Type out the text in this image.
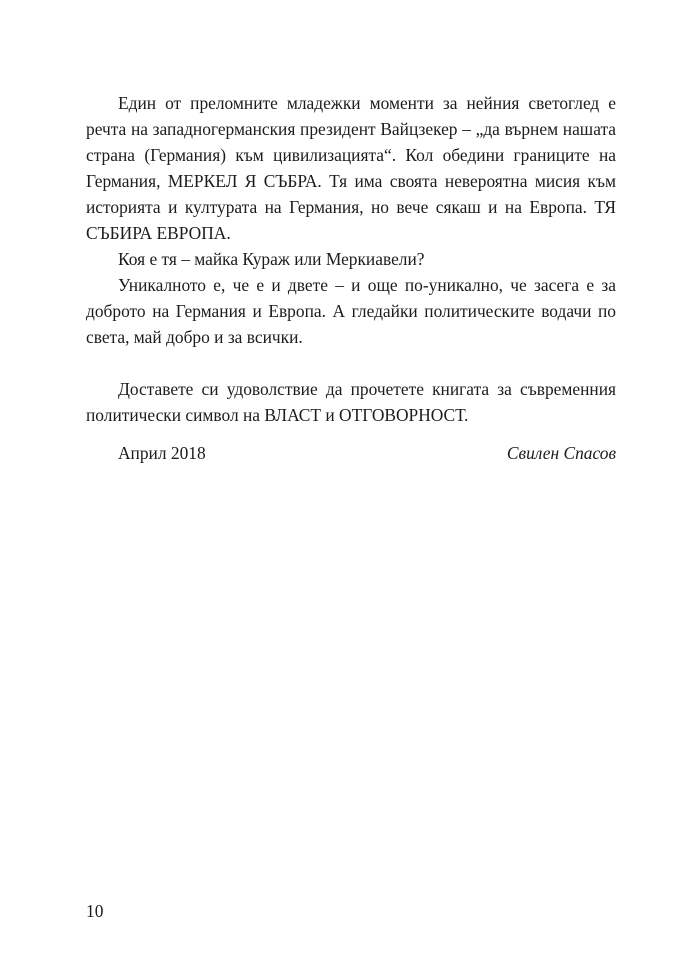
Един от преломните младежки моменти за нейния светоглед е речта на западногерманския президент Вайцзекер – „да върнем нашата страна (Германия) към цивилизацията“. Кол обедини границите на Германия, МЕРКЕЛ Я СЪБРА. Тя има своята невероятна мисия към историята и културата на Германия, но вече сякаш и на Европа. ТЯ СЪБИРА ЕВРОПА.

Коя е тя – майка Кураж или Меркиавели?

Уникалното е, че е и двете – и още по-уникално, че засега е за доброто на Германия и Европа. А гледайки политическите водачи по света, май добро и за всички.

Доставете си удоволствие да прочетете книгата за съвременния политически символ на ВЛАСТ и ОТГОВОРНОСТ.

Април 2018	Свилен Спасов
10
